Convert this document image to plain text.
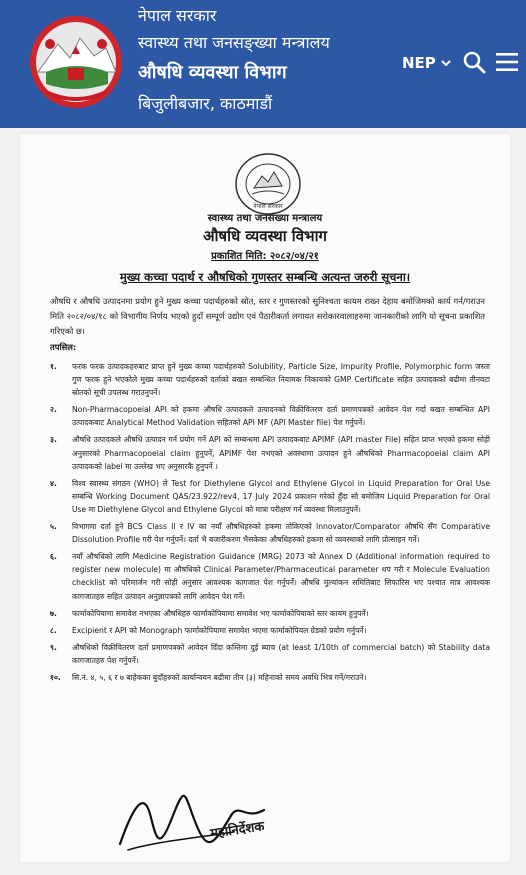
नेपाल सरकार
स्वास्थ्य तथा जनसङ्ख्या मन्त्रालय
औषधि व्यवस्था विभाग
बिजुलीबजार, काठमाडौं
NEP
नेपाल सरकार
स्वास्थ्य तथा जनसंख्या मन्त्रालय
औषधि व्यवस्था विभाग
प्रकाशित मिति: २०८२/०४/२१
मुख्य कच्चा पदार्थ र औषधिको गुणस्तर सम्बन्धि अत्यन्त जरुरी सूचना।
औषधि र औषधि उत्पादनमा प्रयोग हुने मुख्य कच्चा पदार्थहरुको स्रोत, स्तर र गुणस्तरको सुनिश्चता कायम राख्न देहाय बमोजिमको कार्य गर्न/गराउन मिति २०८२/०४/१८ को विभागीय निर्णय भएको हुदाँ सम्पूर्ण उद्योग एवं पैठारीकर्ता लगायत सरोकारवालाहरुमा जानकारीको लागि यो सूचना प्रकाशित गरिएको छ।
तपसिल:
१. फरक फरक उत्पादकहरुबाट प्राप्त हुने मुख्य कच्चा पदार्थहरुको Solubility, Particle Size, Impurity Profile, Polymorphic form जस्ता गुण फरक हुने भएकोले मुख्य कच्चा पदार्थहरुको दर्ताको बखत सम्बन्धित नियामक निकायको GMP Certificate सहित उत्पादकको बढीमा तीनवटा स्रोतको सूची उपलब्ध गराउनुपर्ने।
२. Non-Pharmacopoeial API को हकमा औषधि उत्पादकले उत्पादनको विक्रीवितरण दर्ता प्रमाणपत्रको आवेदन पेश गर्दा बखत सम्बन्धित API उत्पादकबाट Analytical Method Validation सहितको API MF (API Master file) पेश गर्नुपर्ने।
३. औषधि उत्पादकले औषधि उत्पादन गर्न प्रयोग गर्ने API को सम्बन्धमा API उत्पादकबाट APIMF (API master File) सहित प्राप्त भएको हकमा सोही अनुसारको Pharmacopoeial claim हुनुपर्ने, APIMF पेश नभएको अवस्थामा उत्पादन हुने औषधिको Pharmacopoeial claim API उत्पादकको label मा उल्लेख भए अनुसारकै हुनुपर्ने ।
४. विश्व स्वास्थ्य संगठन (WHO) ले Test for Diethylene Glycol and Ethylene Glycol in Liquid Preparation for Oral Use सम्बन्धि Working Document QAS/23.922/rev4, 17 July 2024 प्रकाशन गरेको हुँदा सो बमोजिम Liquid Preparation for Oral Use मा Diethylene Glycol and Ethylene Glycol को मात्रा परीक्षण गर्न व्यवस्था मिलाउनुपर्ने।
५. विभागमा दर्ता हुने BCS Class II र IV का नयाँ औषधिहरुको हकमा तोकिएको Innovator/Comparator औषधि सँग Comparative Dissolution Profile गरी पेश गर्नुपर्ने। दर्ता भै बजारीकरण भैसकेका औषधिहरुको हकमा सो व्यवस्थाको लागि प्रोत्साहन गर्ने।
६. नयाँ औषधिको लागि Medicine Registration Guidance (MRG) 2073 को Annex D (Additional information required to register new molecule) मा औषधिको Clinical Parameter/Pharmaceutical parameter थप गरी र Molecule Evaluation checklist को परिमार्जन गरी सोही अनुसार आवश्यक कागजात पेश गर्नुपर्ने। औषधि मुल्यांकन समितिबाट सिफारिस भए पश्चात मात्र आवश्यक कागजातहरु सहित उत्पादन अनुज्ञापत्रको लागि आवेदन पेश गर्ने।
७. फार्माकोपियामा समावेश नभएका औषधिहरु फार्माकोपियामा समावेश भए फार्माकोपियाको स्तर कायम हुनुपर्ने।
८. Excipient र API को Monograph फार्माकोपियामा समावेश भएमा फार्माकोपियल ग्रेडको प्रयोग गर्नुपर्ने।
९. औषधिको विक्रीवितरण दर्ता प्रमाणपत्रको आवेदन दिँदा कम्तिमा दुई ब्याच (at least 1/10th of commercial batch) को Stability data कागजातहरु पेश गर्नुपर्ने।
१०. सि.नं. ४, ५, ६ र ७ बाहेकका बुदाँहरुको कार्यान्वयन बढीमा तीन (३) महिनाको समय अवधि भित्र गर्ने/गराउने।
महानिर्देशक
